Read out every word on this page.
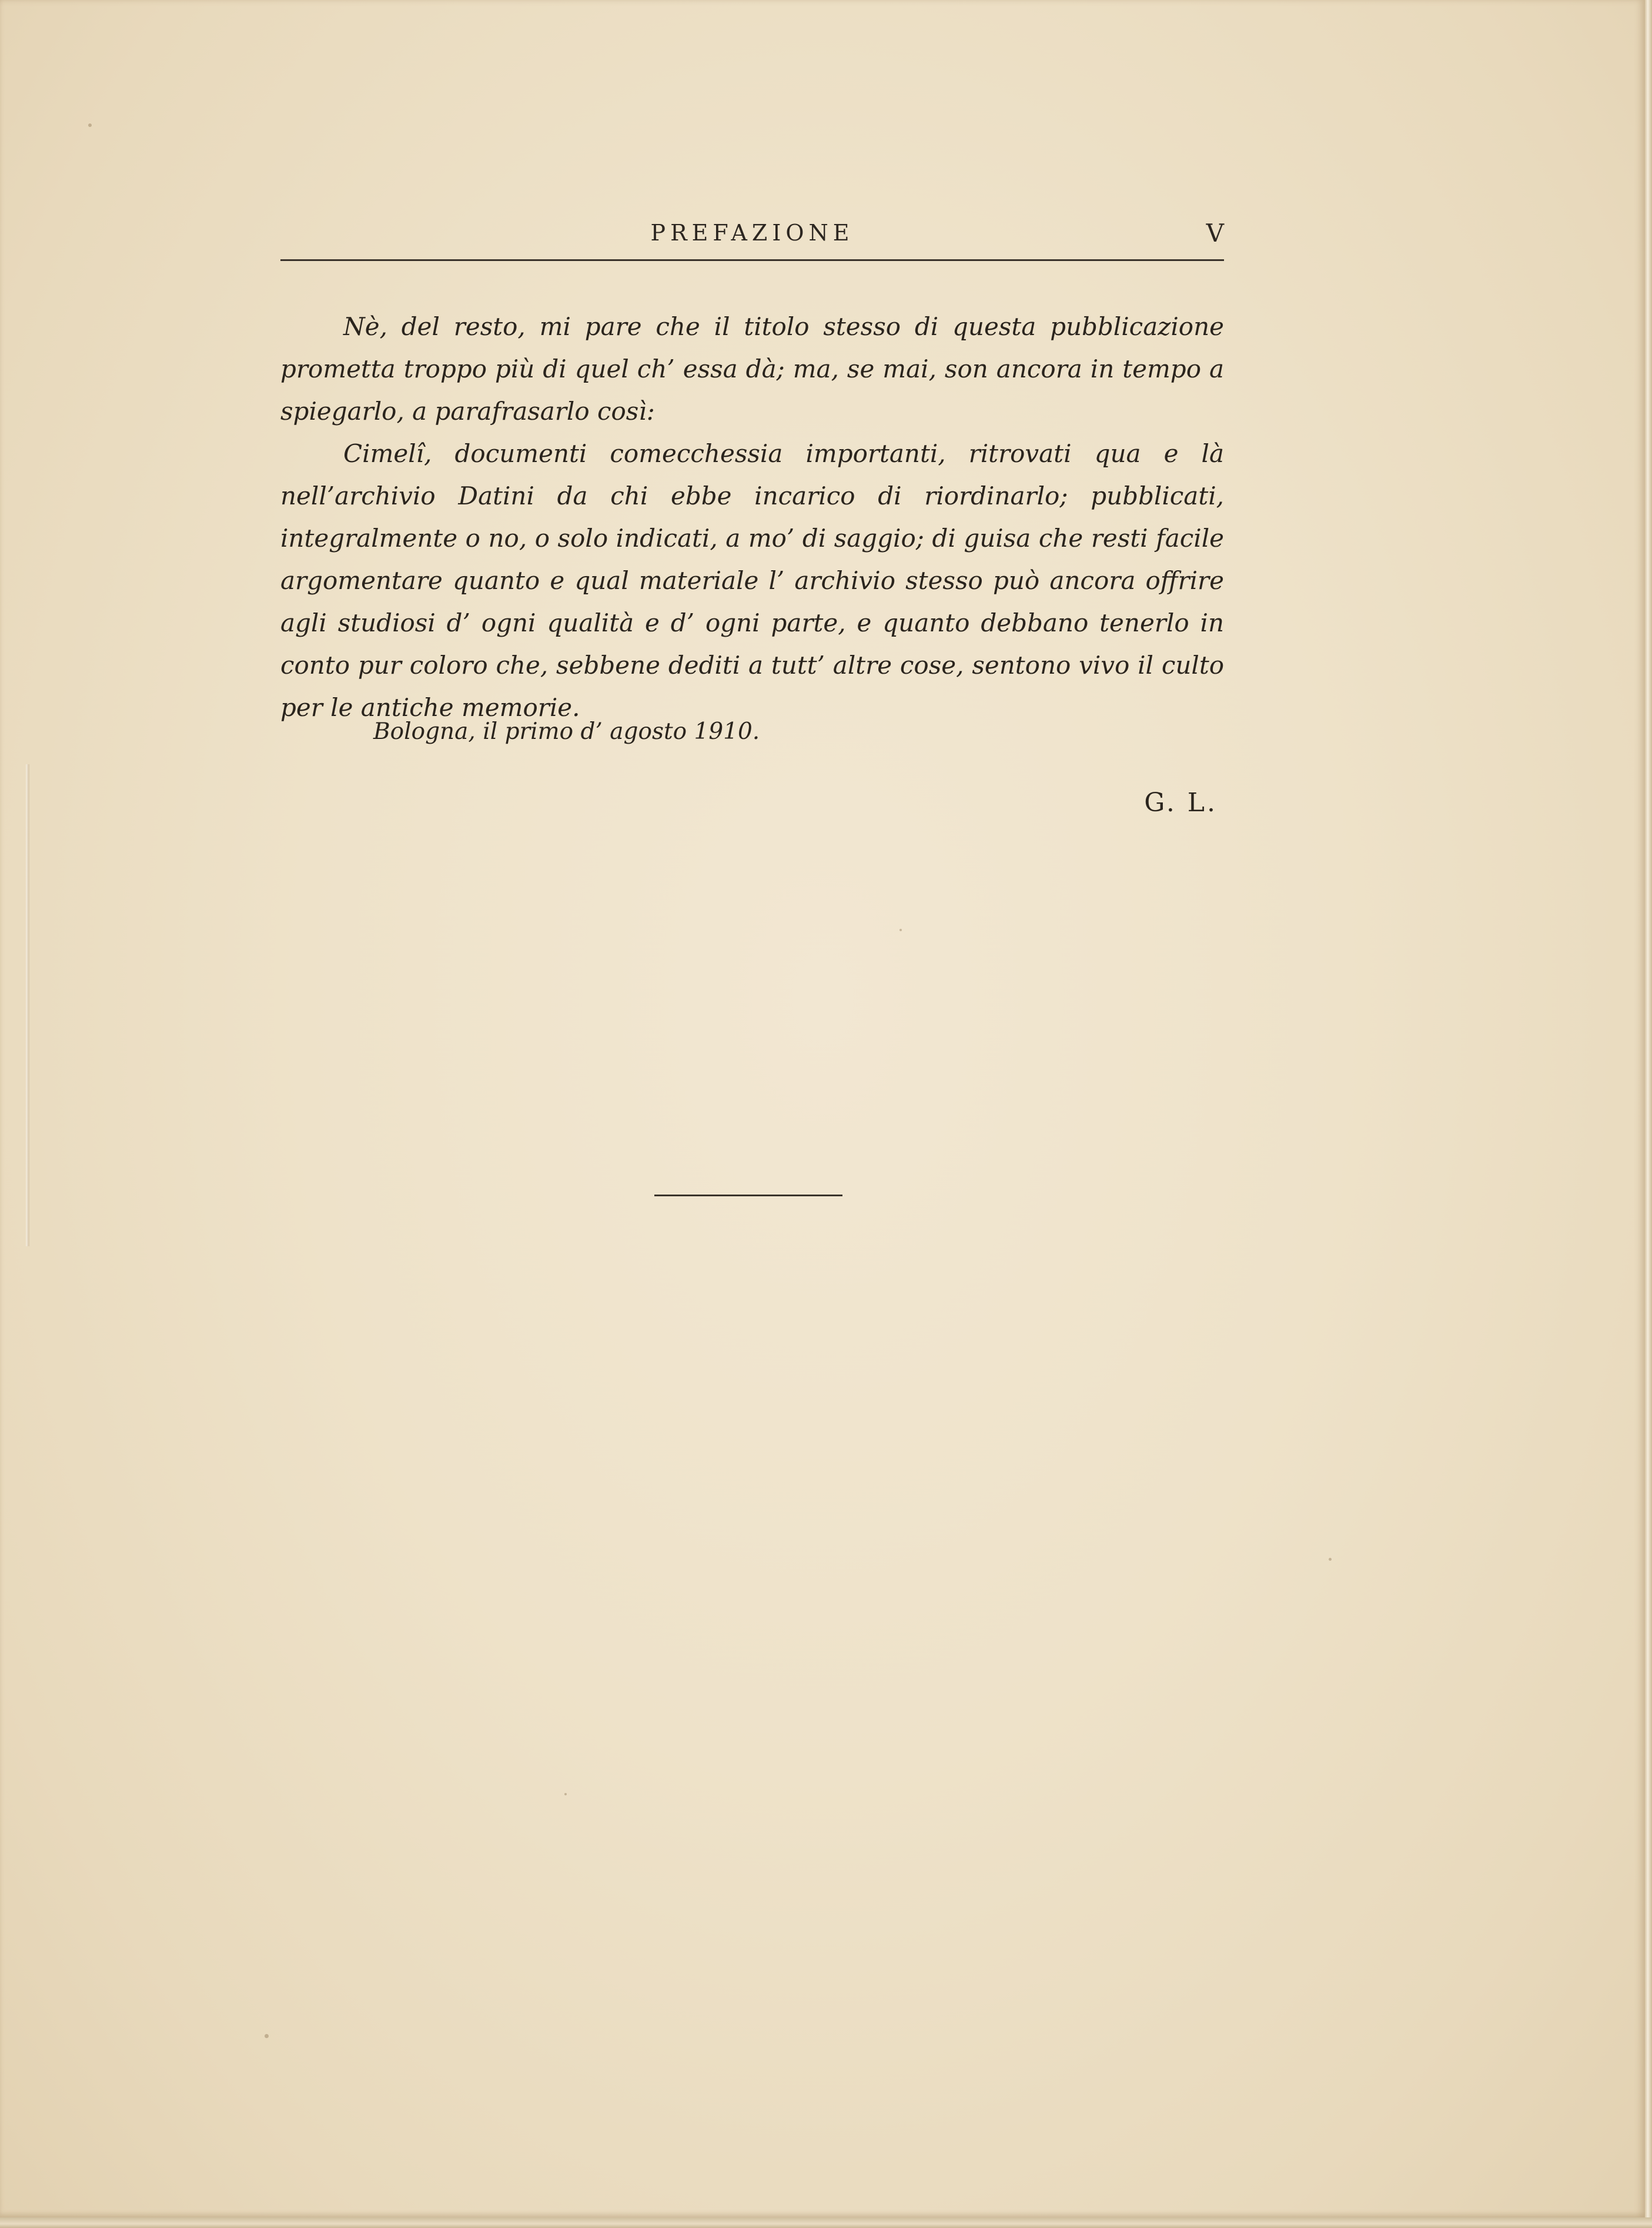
PREFAZIONE	V

Nè, del resto, mi pare che il titolo stesso di questa pubblicazione prometta troppo più di quel ch’ essa dà; ma, se mai, son ancora in tempo a spiegarlo, a parafrasarlo così:

Cimelî, documenti comecchessia importanti, ritrovati qua e là nell’archivio Datini da chi ebbe incarico di riordinarlo; pubblicati, integralmente o no, o solo indicati, a mo’ di saggio; di guisa che resti facile argomentare quanto e qual materiale l’ archivio stesso può ancora offrire agli studiosi d’ ogni qualità e d’ ogni parte, e quanto debbano tenerlo in conto pur coloro che, sebbene dediti a tutt’ altre cose, sentono vivo il culto per le antiche memorie.

Bologna, il primo d’ agosto 1910.
G. L.
